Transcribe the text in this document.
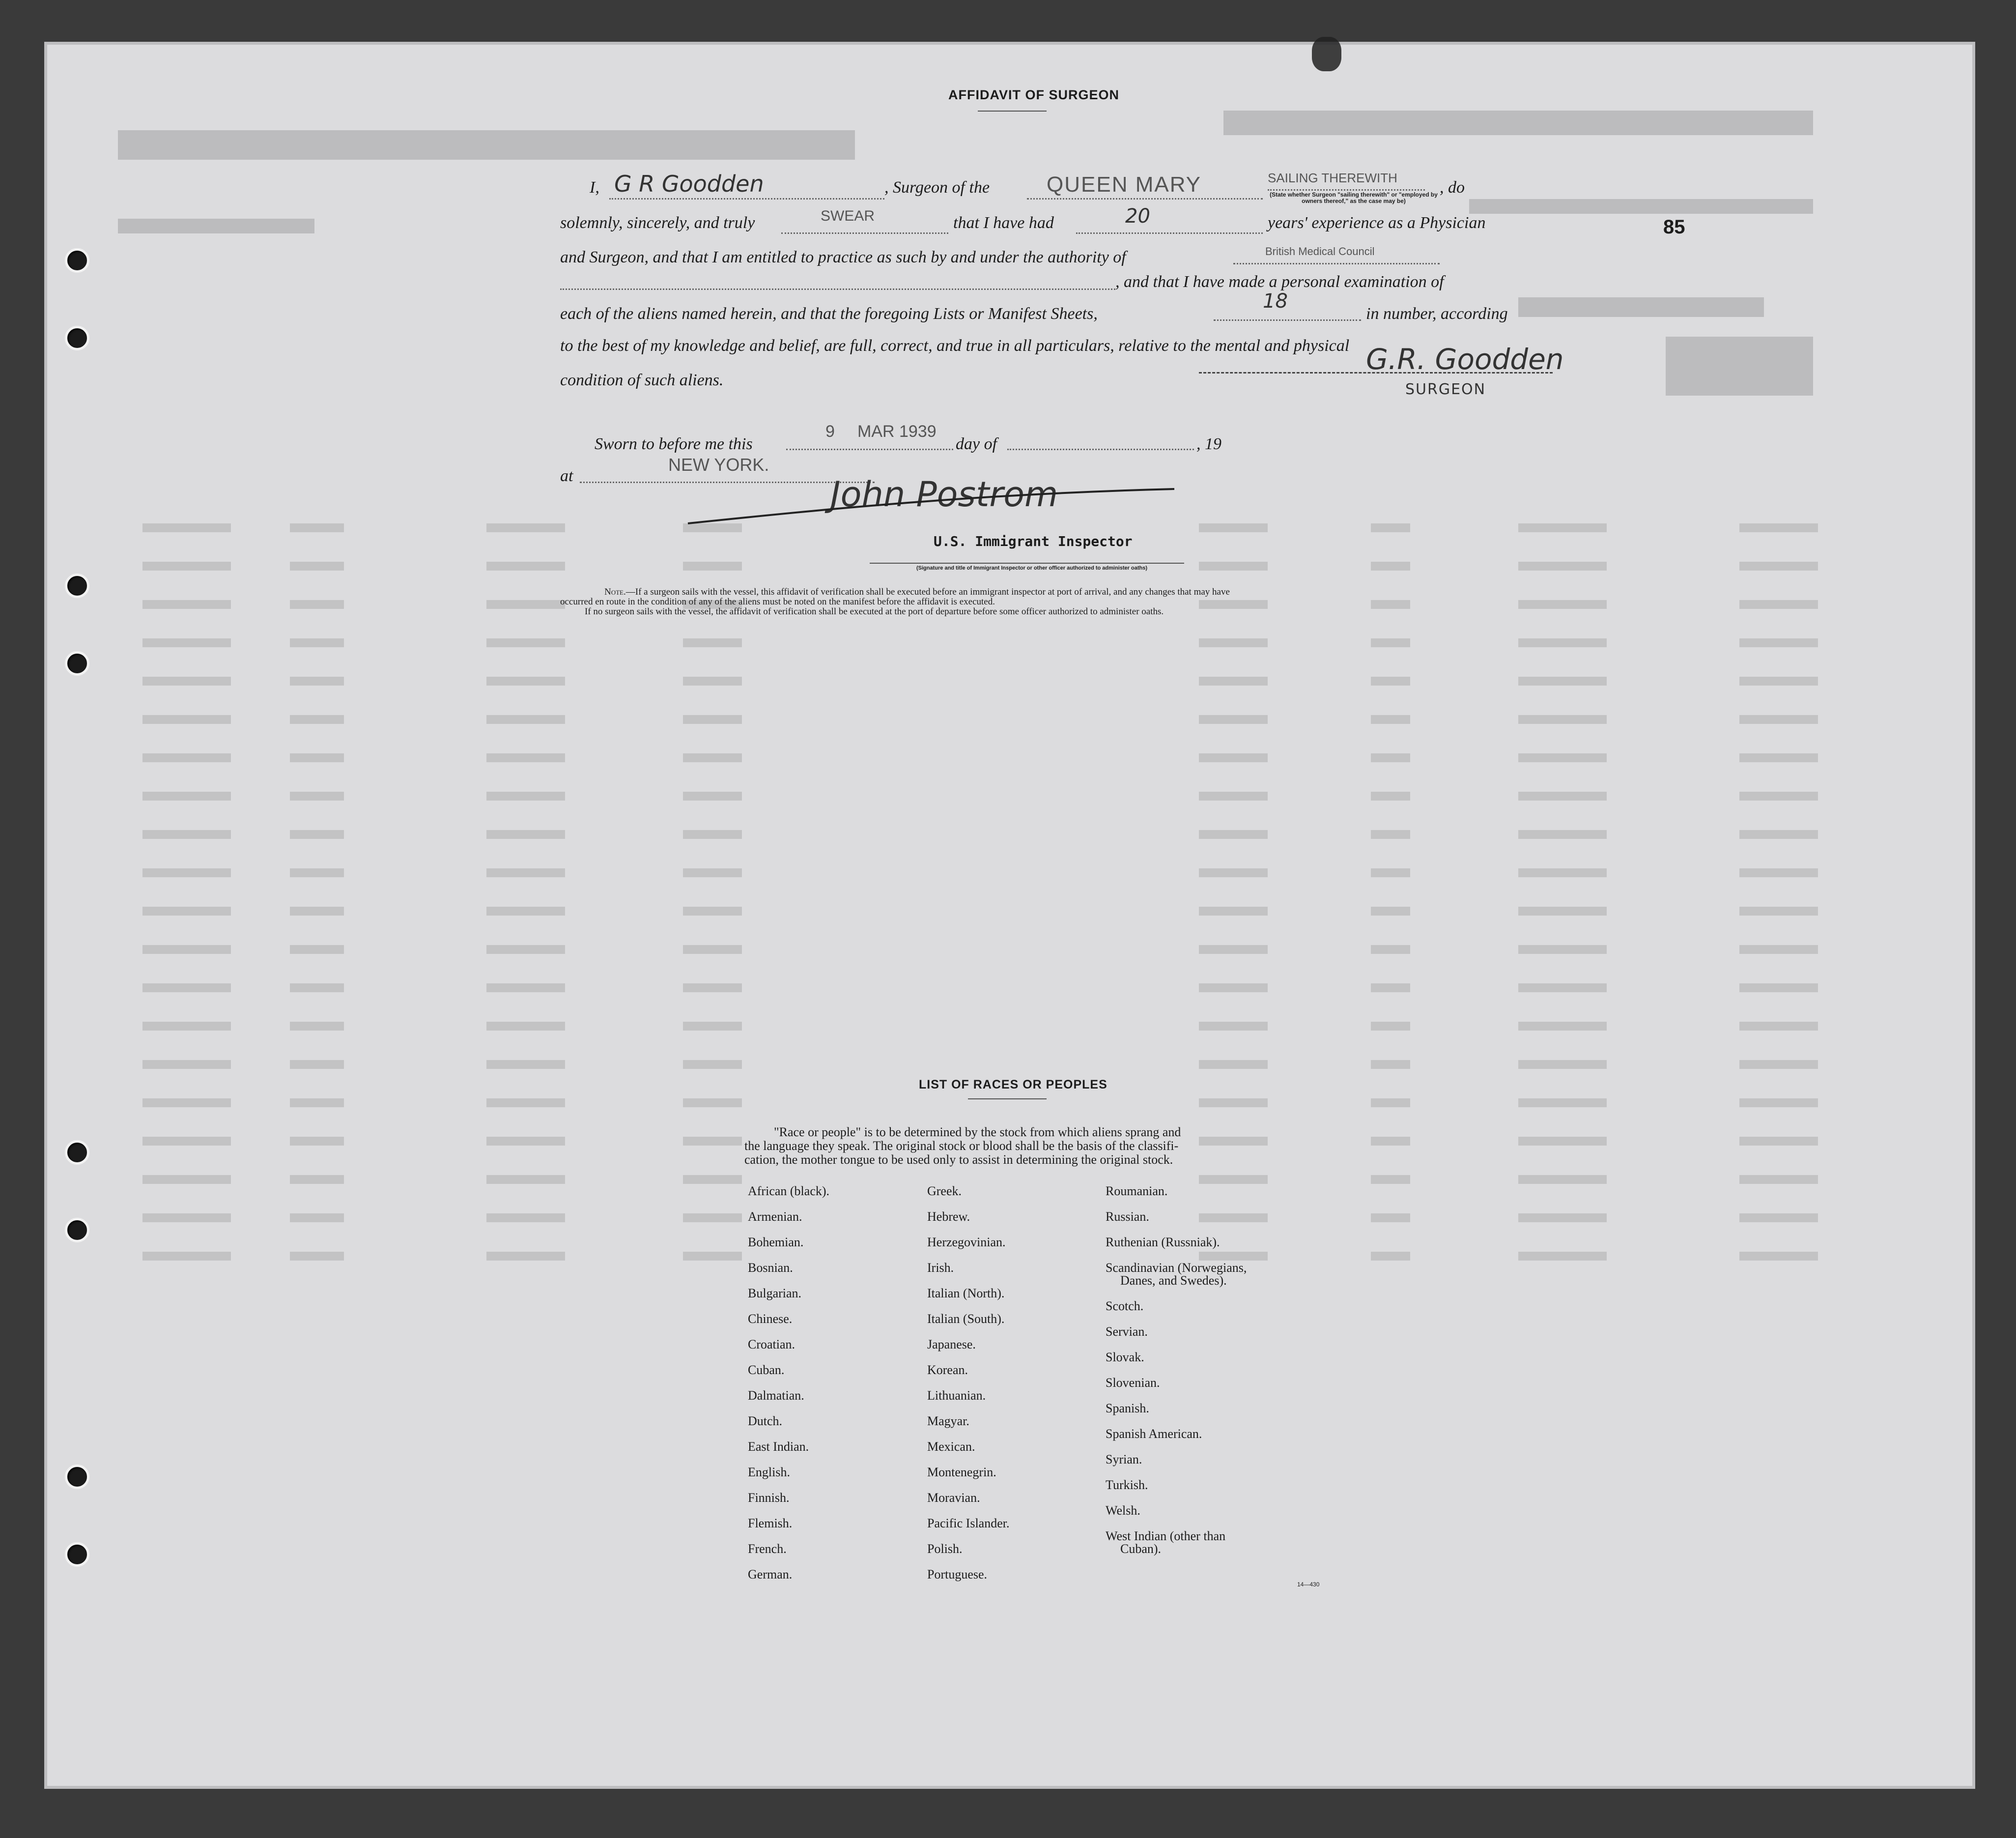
AFFIDAVIT OF SURGEON
85
I, G R Goodden	, Surgeon of the	QUEEN MARY	SAILING THEREWITH
(State whether Surgeon "sailing therewith" or "employed by owners thereof," as the case may be)
, do
solemnly, sincerely, and truly	SWEAR	that I have had	20	years' experience as a Physician
and Surgeon, and that I am entitled to practice as such by and under the authority of	British Medical Council
, and that I have made a personal examination of
each of the aliens named herein, and that the foregoing Lists or Manifest Sheets,
18
in number, according
to the best of my knowledge and belief, are full, correct, and true in all particulars, relative to the mental and physical
condition of such aliens.
G.R. Goodden
SURGEON
Sworn to before me this
9 MAR 1939
day of	, 19
at
NEW YORK.
John Postrom
U.S. Immigrant Inspector
(Signature and title of Immigrant Inspector or other officer authorized to administer oaths)
Note.—If a surgeon sails with the vessel, this affidavit of verification shall be executed before an immigrant inspector at port of arrival, and any changes that may have
occurred en route in the condition of any of the aliens must be noted on the manifest before the affidavit is executed.
If no surgeon sails with the vessel, the affidavit of verification shall be executed at the port of departure before some officer authorized to administer oaths.
LIST OF RACES OR PEOPLES
"Race or people" is to be determined by the stock from which aliens sprang and
the language they speak. The original stock or blood shall be the basis of the classifi-
cation, the mother tongue to be used only to assist in determining the original stock.
African (black).
Armenian.
Bohemian.
Bosnian.
Bulgarian.
Chinese.
Croatian.
Cuban.
Dalmatian.
Dutch.
East Indian.
English.
Finnish.
Flemish.
French.
German.
Greek.
Hebrew.
Herzegovinian.
Irish.
Italian (North).
Italian (South).
Japanese.
Korean.
Lithuanian.
Magyar.
Mexican.
Montenegrin.
Moravian.
Pacific Islander.
Polish.
Portuguese.
Roumanian.
Russian.
Ruthenian (Russniak).
Scandinavian (Norwegians,
Danes, and Swedes).
Scotch.
Servian.
Slovak.
Slovenian.
Spanish.
Spanish American.
Syrian.
Turkish.
Welsh.
West Indian (other than
Cuban).
14—430
